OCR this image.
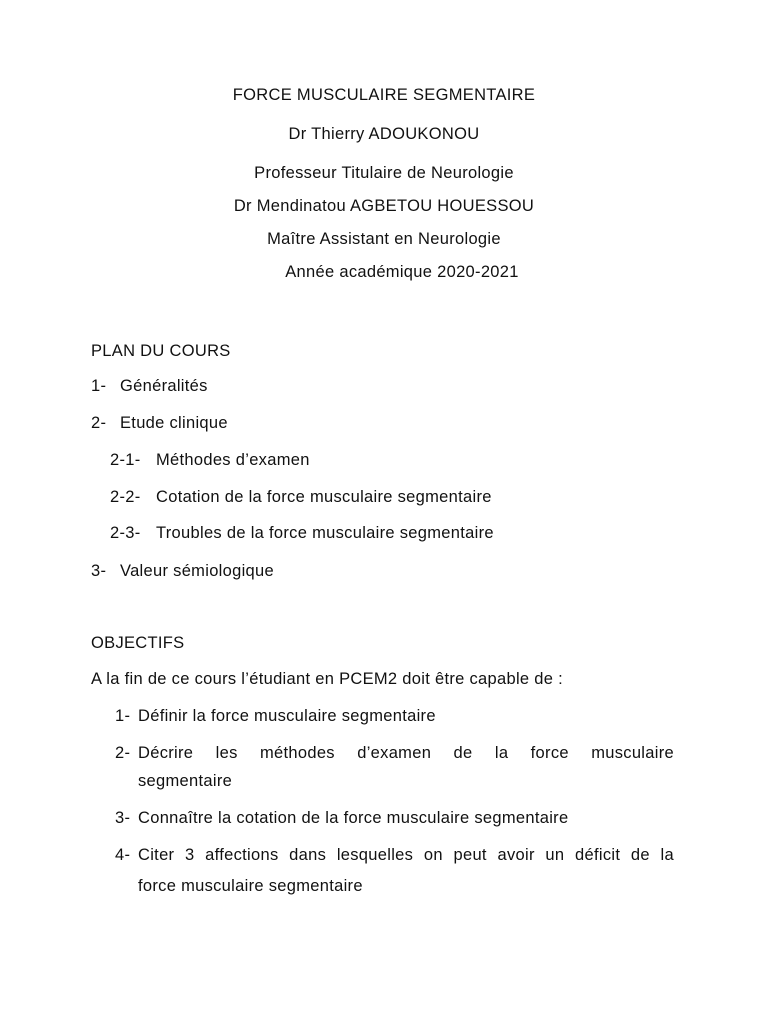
FORCE MUSCULAIRE SEGMENTAIRE
Dr Thierry ADOUKONOU
Professeur Titulaire de Neurologie
Dr Mendinatou AGBETOU HOUESSOU
Maître Assistant en Neurologie
Année académique 2020-2021
PLAN DU COURS
1- Généralités
2- Etude clinique
2-1- Méthodes d’examen
2-2- Cotation de la force musculaire segmentaire
2-3- Troubles de la force musculaire segmentaire
3- Valeur sémiologique
OBJECTIFS
A la fin de ce cours l’étudiant en PCEM2 doit être capable de :
1- Définir la force musculaire segmentaire
2- Décrire les méthodes d’examen de la force musculaire
segmentaire
3- Connaître la cotation de la force musculaire segmentaire
4- Citer 3 affections dans lesquelles on peut avoir un déficit de la
force musculaire segmentaire
